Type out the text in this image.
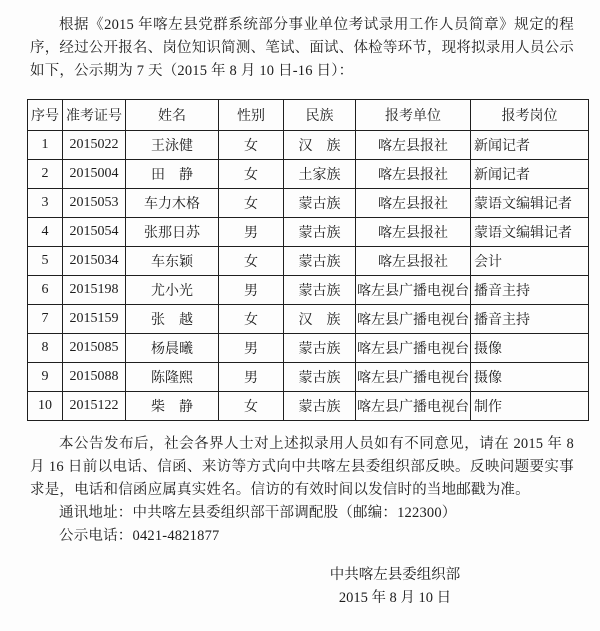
根据《2015 年喀左县党群系统部分事业单位考试录用工作人员简章》规定的程序，经过公开报名、岗位知识简测、笔试、面试、体检等环节，现将拟录用人员公示如下，公示期为 7 天（2015 年 8 月 10 日-16 日）：

序号	准考证号	姓名	性别	民族	报考单位	报考岗位
1	2015022	王泳健	女	汉　族	喀左县报社	新闻记者
2	2015004	田　静	女	土家族	喀左县报社	新闻记者
3	2015053	车力木格	女	蒙古族	喀左县报社	蒙语文编辑记者
4	2015054	张那日苏	男	蒙古族	喀左县报社	蒙语文编辑记者
5	2015034	车东颖	女	蒙古族	喀左县报社	会计
6	2015198	尤小光	男	蒙古族	喀左县广播电视台	播音主持
7	2015159	张　越	女	汉　族	喀左县广播电视台	播音主持
8	2015085	杨晨曦	男	蒙古族	喀左县广播电视台	摄像
9	2015088	陈隆熙	男	蒙古族	喀左县广播电视台	摄像
10	2015122	柴　静	女	蒙古族	喀左县广播电视台	制作

本公告发布后，社会各界人士对上述拟录用人员如有不同意见，请在 2015 年 8 月 16 日前以电话、信函、来访等方式向中共喀左县委组织部反映。反映问题要实事求是，电话和信函应属真实姓名。信访的有效时间以发信时的当地邮戳为准。

通讯地址：中共喀左县委组织部干部调配股（邮编：122300）

公示电话：0421-4821877

中共喀左县委组织部

2015 年 8 月 10 日
